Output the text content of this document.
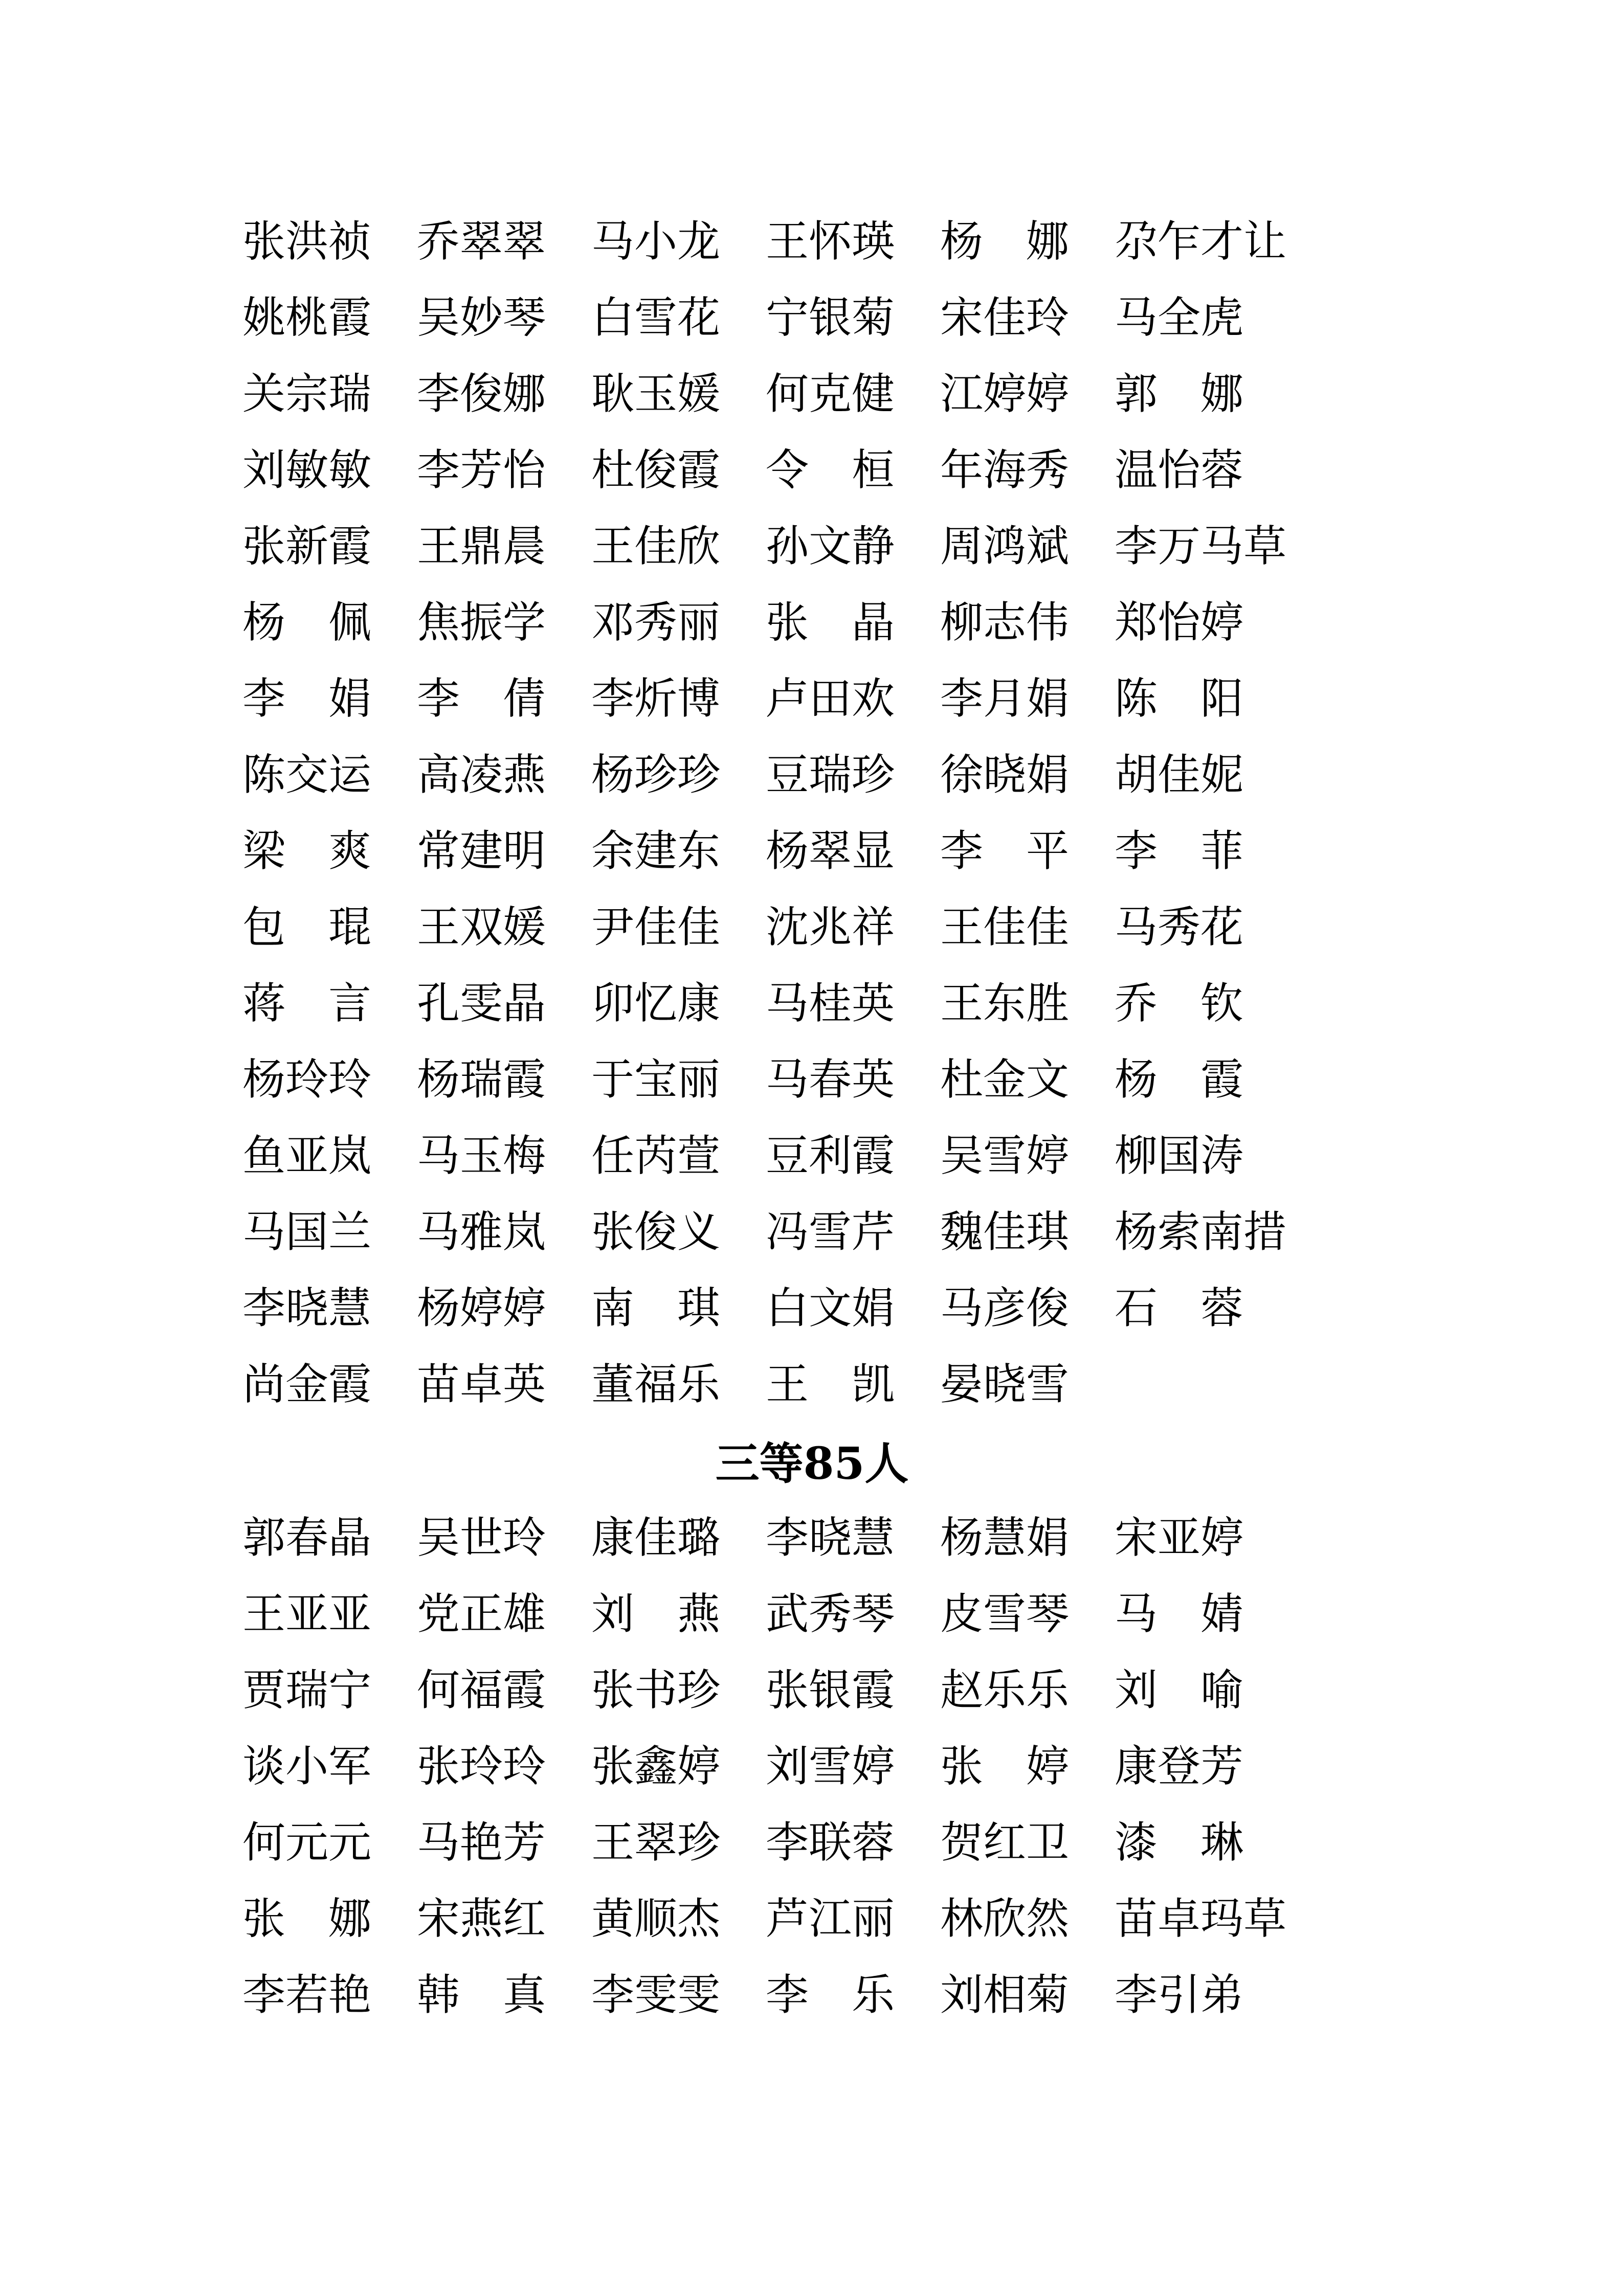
张洪祯	乔翠翠	马小龙	王怀瑛	杨　娜	尕乍才让
姚桃霞	吴妙琴	白雪花	宁银菊	宋佳玲	马全虎
关宗瑞	李俊娜	耿玉媛	何克健	江婷婷	郭　娜
刘敏敏	李芳怡	杜俊霞	令　桓	年海秀	温怡蓉
张新霞	王鼎晨	王佳欣	孙文静	周鸿斌	李万马草
杨　佩	焦振学	邓秀丽	张　晶	柳志伟	郑怡婷
李　娟	李　倩	李炘博	卢田欢	李月娟	陈　阳
陈交运	高凌燕	杨珍珍	豆瑞珍	徐晓娟	胡佳妮
梁　爽	常建明	余建东	杨翠显	李　平	李　菲
包　琨	王双媛	尹佳佳	沈兆祥	王佳佳	马秀花
蒋　言	孔雯晶	卯忆康	马桂英	王东胜	乔　钦
杨玲玲	杨瑞霞	于宝丽	马春英	杜金文	杨　霞
鱼亚岚	马玉梅	任芮萱	豆利霞	吴雪婷	柳国涛
马国兰	马雅岚	张俊义	冯雪芹	魏佳琪	杨索南措
李晓慧	杨婷婷	南　琪	白文娟	马彦俊	石　蓉
尚金霞	苗卓英	董福乐	王　凯	晏晓雪
三等85人
郭春晶	吴世玲	康佳璐	李晓慧	杨慧娟	宋亚婷
王亚亚	党正雄	刘　燕	武秀琴	皮雪琴	马　婧
贾瑞宁	何福霞	张书珍	张银霞	赵乐乐	刘　喻
谈小军	张玲玲	张鑫婷	刘雪婷	张　婷	康登芳
何元元	马艳芳	王翠珍	李联蓉	贺红卫	漆　琳
张　娜	宋燕红	黄顺杰	芦江丽	林欣然	苗卓玛草
李若艳	韩　真	李雯雯	李　乐	刘相菊	李引弟
